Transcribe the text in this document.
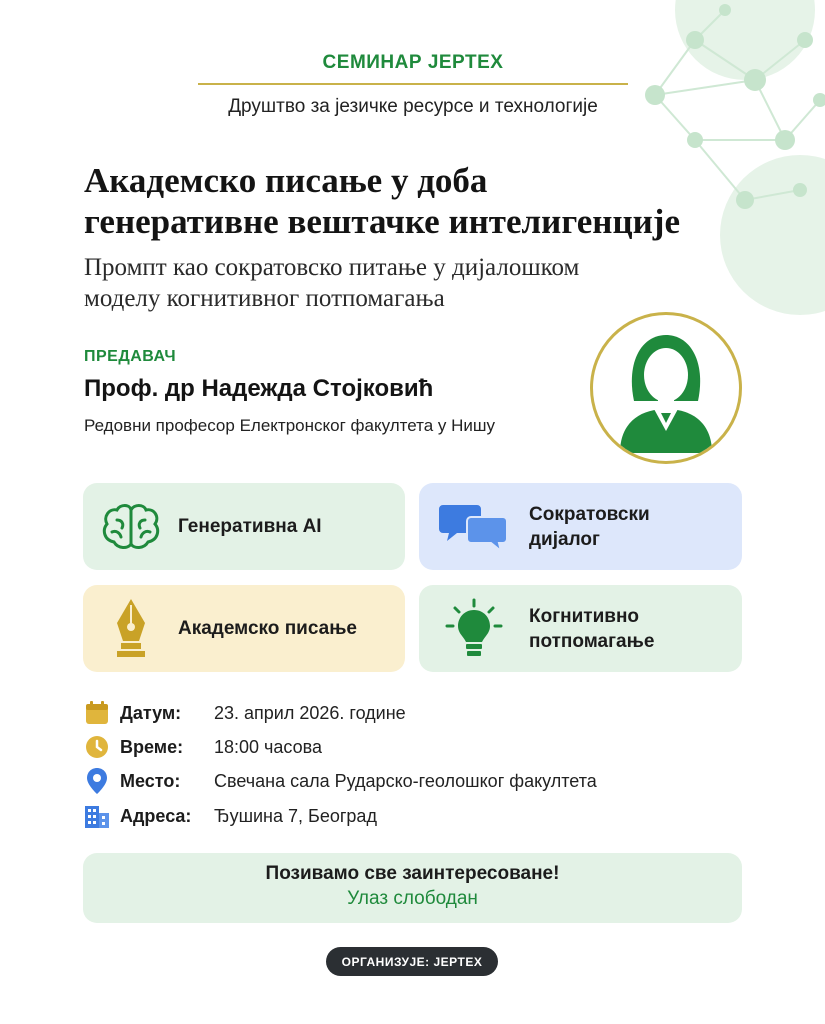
СЕМИНАР ЈЕРТЕХ
Друштво за језичке ресурсе и технологије
Академско писање у доба
генеративне вештачке интелигенције
Промпт као сократовско питање у дијалошком
моделу когнитивног потпомагања
ПРЕДАВАЧ
Проф. др Надежда Стојковић
Редовни професор Електронског факултета у Нишу
Генеративна AI
Сократовски
дијалог
Академско писање
Когнитивно
потпомагање
Датум:	23. април 2026. године
Време:	18:00 часова
Место:	Свечана сала Рударско-геолошког факултета
Адреса:	Ђушина 7, Београд
Позивамо све заинтересоване!
Улаз слободан
ОРГАНИЗУЈЕ: ЈЕРТЕХ
